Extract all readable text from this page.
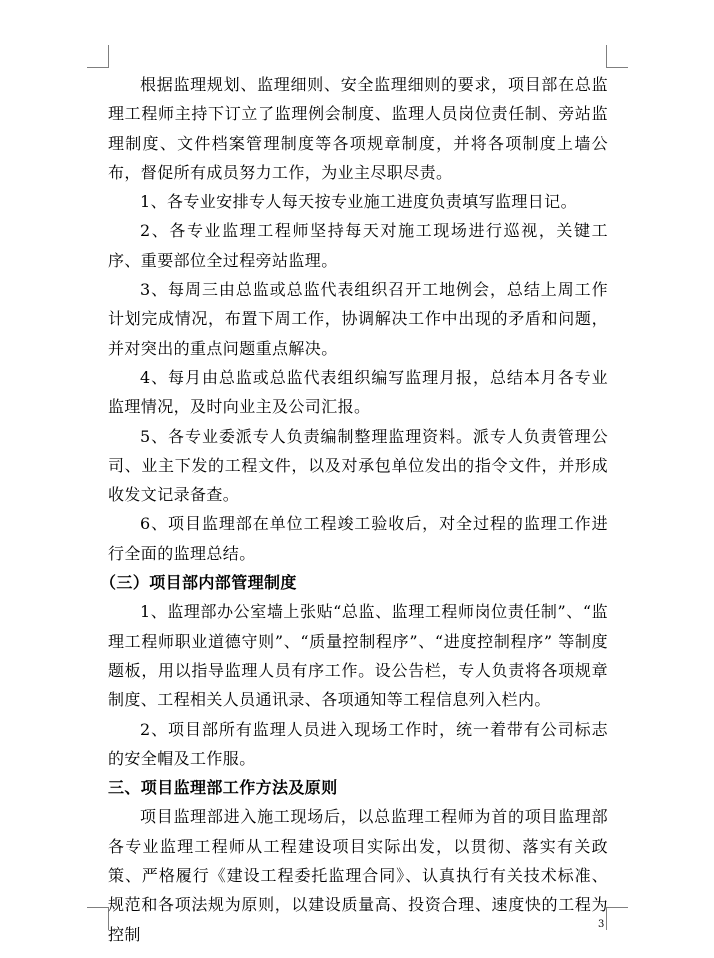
根据监理规划、监理细则、安全监理细则的要求，项目部在总监理工程师主持下订立了监理例会制度、监理人员岗位责任制、旁站监理制度、文件档案管理制度等各项规章制度，并将各项制度上墙公布，督促所有成员努力工作，为业主尽职尽责。

1、各专业安排专人每天按专业施工进度负责填写监理日记。

2、各专业监理工程师坚持每天对施工现场进行巡视，关键工序、重要部位全过程旁站监理。

3、每周三由总监或总监代表组织召开工地例会，总结上周工作计划完成情况，布置下周工作，协调解决工作中出现的矛盾和问题，并对突出的重点问题重点解决。

4、每月由总监或总监代表组织编写监理月报，总结本月各专业监理情况，及时向业主及公司汇报。

5、各专业委派专人负责编制整理监理资料。派专人负责管理公司、业主下发的工程文件，以及对承包单位发出的指令文件，并形成收发文记录备查。

6、项目监理部在单位工程竣工验收后，对全过程的监理工作进行全面的监理总结。

（三）项目部内部管理制度

1、监理部办公室墙上张贴“总监、监理工程师岗位责任制”、“监理工程师职业道德守则”、“质量控制程序”、“进度控制程序” 等制度题板，用以指导监理人员有序工作。设公告栏，专人负责将各项规章制度、工程相关人员通讯录、各项通知等工程信息列入栏内。

2、项目部所有监理人员进入现场工作时，统一着带有公司标志的安全帽及工作服。

三、项目监理部工作方法及原则

项目监理部进入施工现场后，以总监理工程师为首的项目监理部各专业监理工程师从工程建设项目实际出发，以贯彻、落实有关政策、严格履行《建设工程委托监理合同》、认真执行有关技术标准、规范和各项法规为原则，以建设质量高、投资合理、速度快的工程为控制

3
